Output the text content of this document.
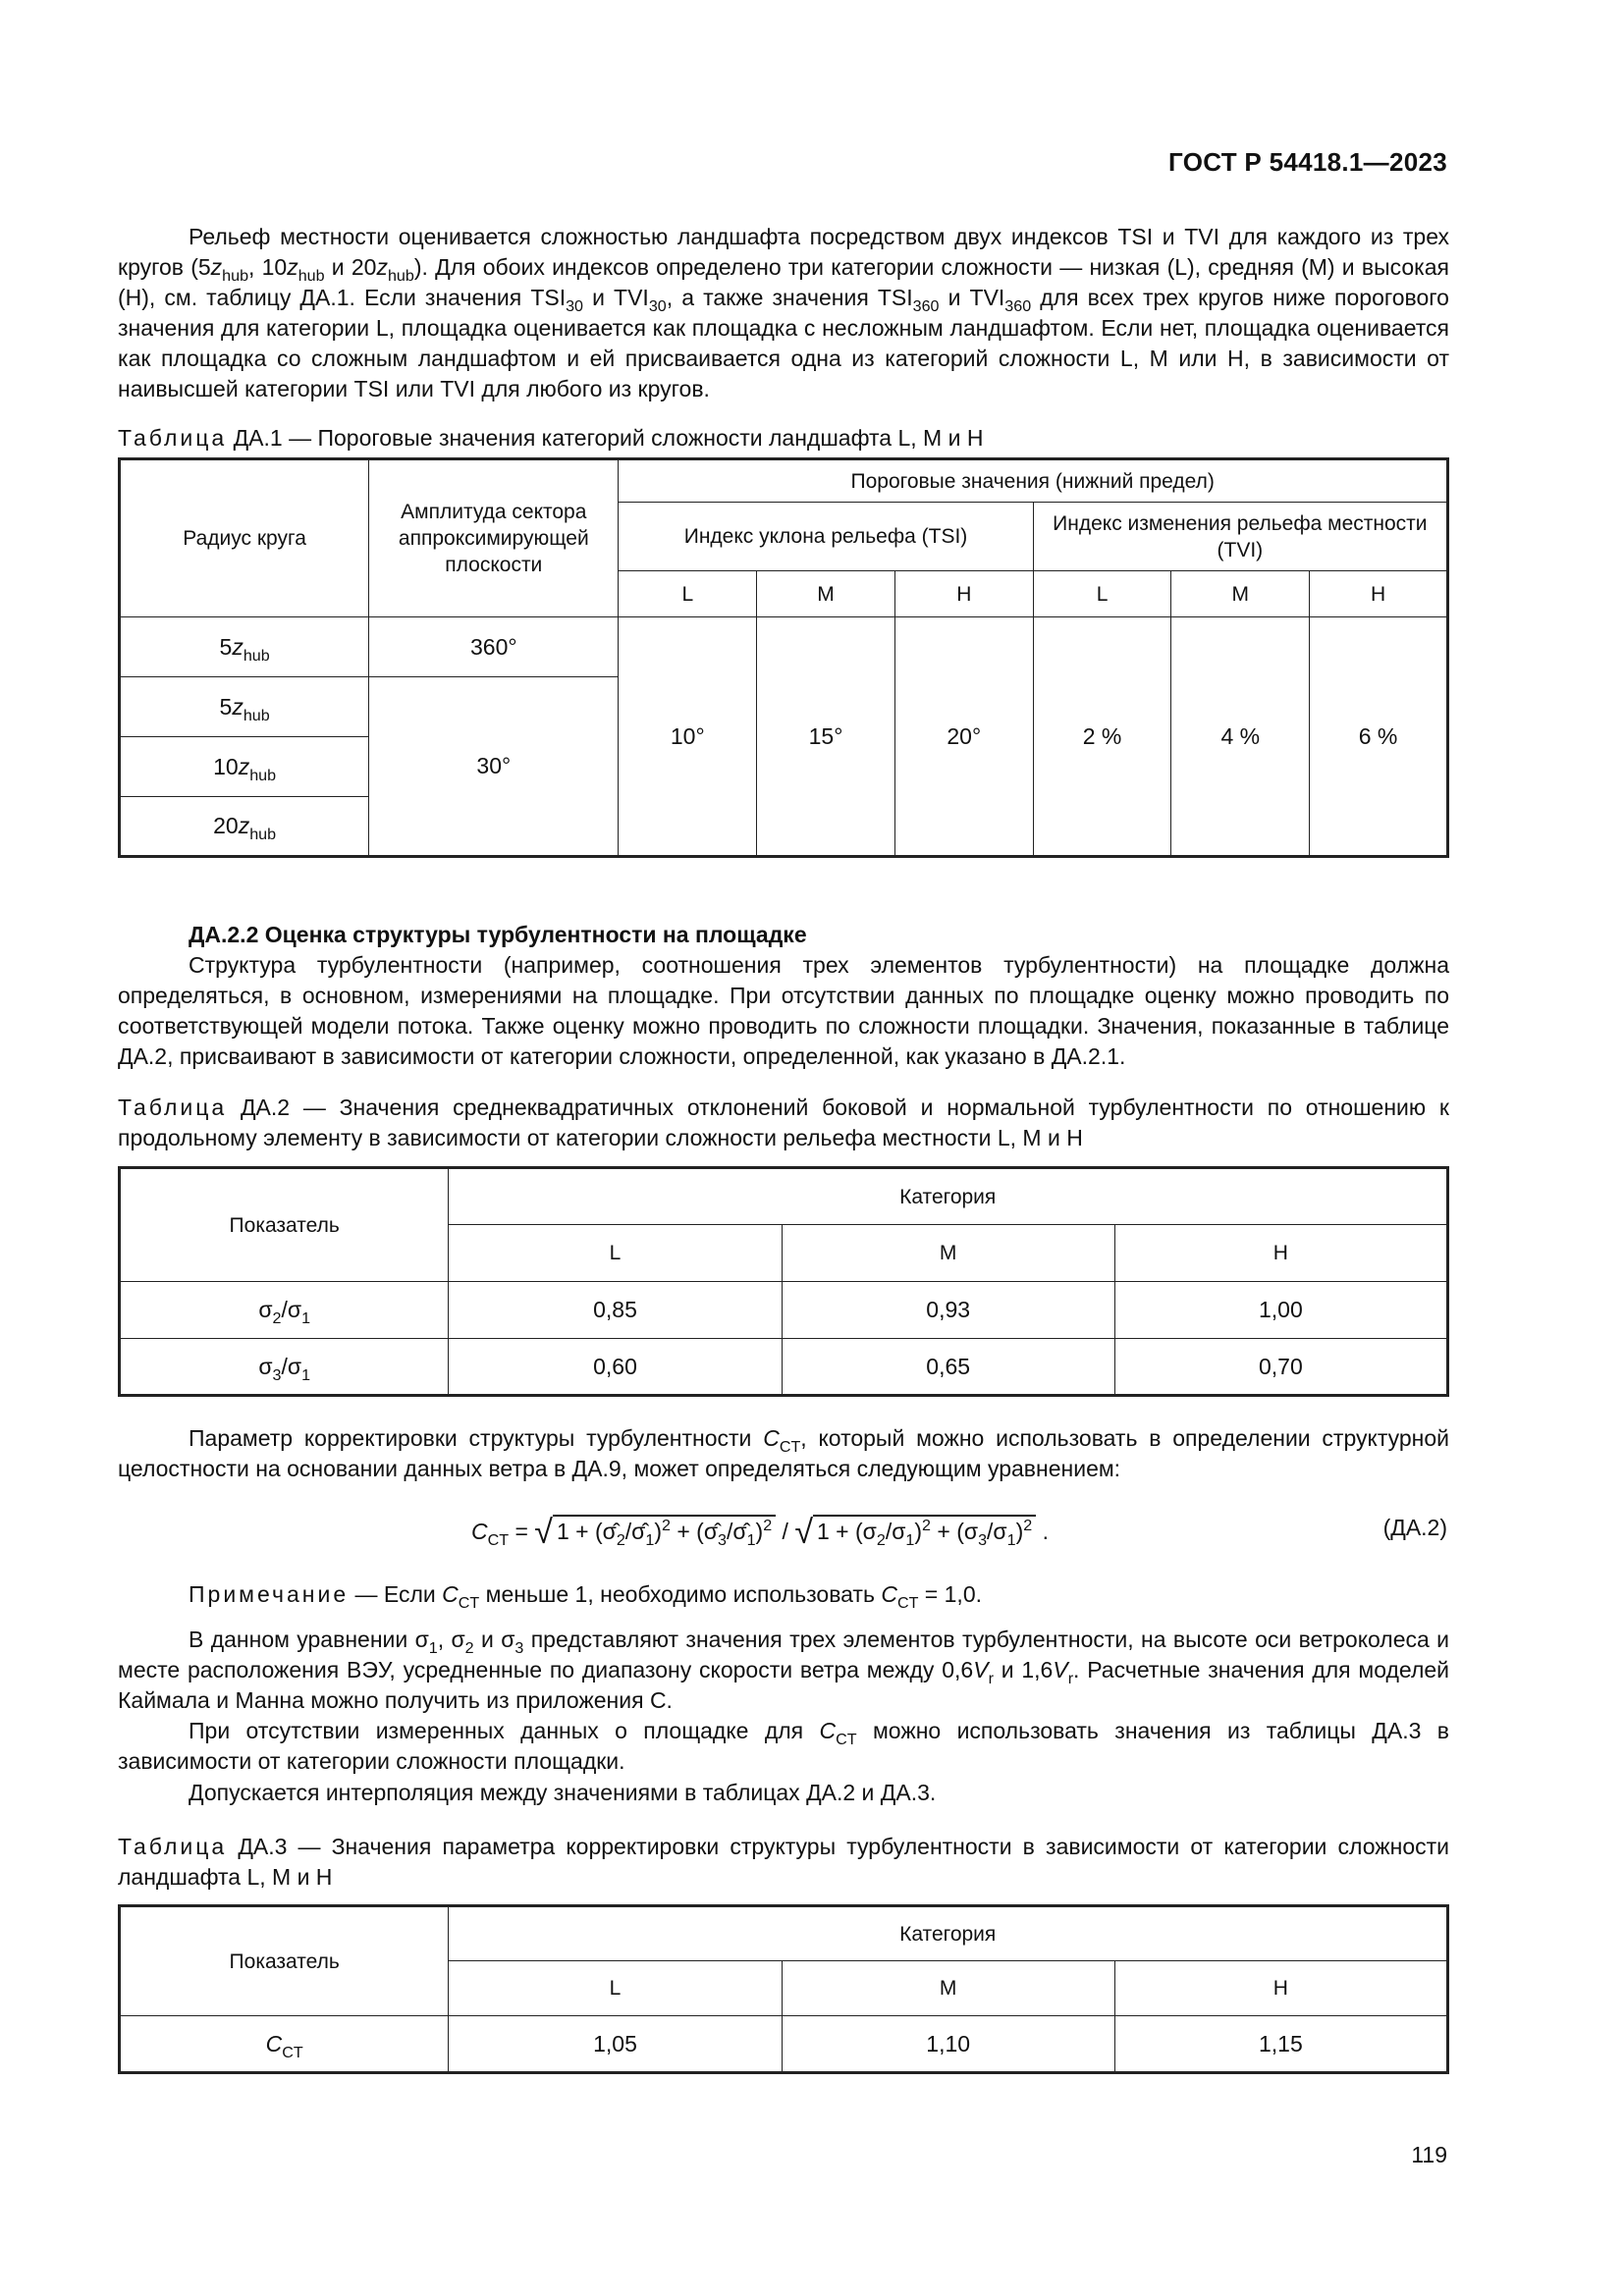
ГОСТ Р 54418.1—2023

Рельеф местности оценивается сложностью ландшафта посредством двух индексов TSI и TVI для каждого из трех кругов ($5z_{hub}$, $10z_{hub}$ и $20z_{hub}$). Для обоих индексов определено три категории сложности — низкая (L), средняя (M) и высокая (H), см. таблицу ДА.1. Если значения $TSI_{30}$ и $TVI_{30}$, а также значения $TSI_{360}$ и $TVI_{360}$ для всех трех кругов ниже порогового значения для категории L, площадка оценивается как площадка с несложным ландшафтом. Если нет, площадка оценивается как площадка со сложным ландшафтом и ей присваивается одна из категорий сложности L, M или H, в зависимости от наивысшей категории TSI или TVI для любого из кругов.

Таблица ДА.1 — Пороговые значения категорий сложности ландшафта L, M и H

Радиус круга	Амплитуда сектора аппроксимирующей плоскости	Пороговые значения (нижний предел)					
		Индекс уклона рельефа (TSI)			Индекс изменения рельефа местности (TVI)		
		L	M	H	L	M	H
$5z_{hub}$	360°	10°	15°	20°	2 %	4 %	6 %
$5z_{hub}$	30°						
$10z_{hub}$
$20z_{hub}$

ДА.2.2 Оценка структуры турбулентности на площадке

Структура турбулентности (например, соотношения трех элементов турбулентности) на площадке должна определяться, в основном, измерениями на площадке. При отсутствии данных по площадке оценку можно проводить по соответствующей модели потока. Также оценку можно проводить по сложности площадки. Значения, показанные в таблице ДА.2, присваивают в зависимости от категории сложности, определенной, как указано в ДА.2.1.

Таблица ДА.2 — Значения среднеквадратичных отклонений боковой и нормальной турбулентности по отношению к продольному элементу в зависимости от категории сложности рельефа местности L, M и H

Показатель	Категория		
	L	M	H
$\sigma_2/\sigma_1$	0,85	0,93	1,00
$\sigma_3/\sigma_1$	0,60	0,65	0,70

Параметр корректировки структуры турбулентности $C_{CT}$, который можно использовать в определении структурной целостности на основании данных ветра в ДА.9, может определяться следующим уравнением:

$C_{CT}$ = √ $1 + (\sigmâ_2/\sigmâ_1)^2$ + $(\sigmâ_3/\sigmâ_1)^2$ / √ $1 + (\sigma_2/\sigma_1)^2 + (\sigma_3/\sigma_1)^2$ .	(ДА.2)

Примечание — Если $C_{CT}$ меньше 1, необходимо использовать $C_{CT} = 1,0$.

В данном уравнении $\sigma_1$, $\sigma_2$ и $\sigma_3$ представляют значения трех элементов турбулентности, на высоте оси ветроколеса и месте расположения ВЭУ, усредненные по диапазону скорости ветра между $0,6V_r$ и $1,6V_r$. Расчетные значения для моделей Каймала и Манна можно получить из приложения С.

При отсутствии измеренных данных о площадке для $C_{CT}$ можно использовать значения из таблицы ДА.3 в зависимости от категории сложности площадки.

Допускается интерполяция между значениями в таблицах ДА.2 и ДА.3.

Таблица ДА.3 — Значения параметра корректировки структуры турбулентности в зависимости от категории сложности ландшафта L, M и H

Показатель	Категория		
	L	M	H
$C_{CT}$	1,05	1,10	1,15
119
